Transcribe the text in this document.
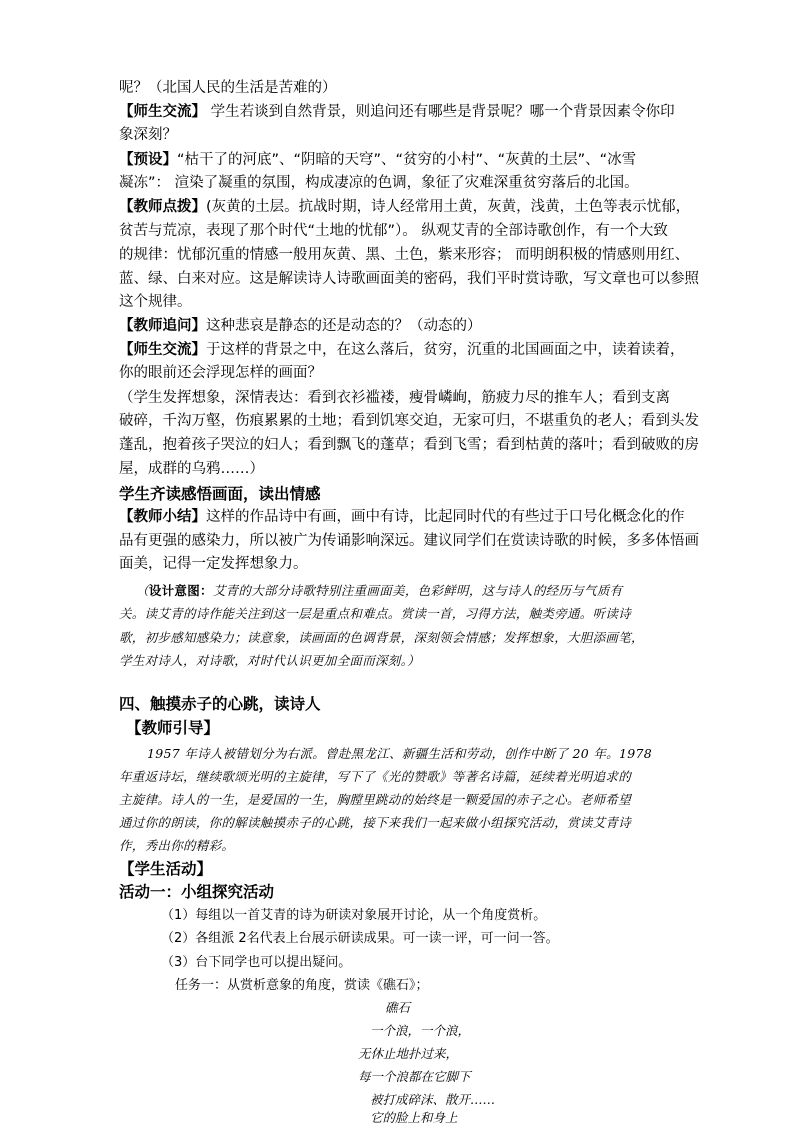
呢？（北国人民的生活是苦难的）
【师生交流】 学生若谈到自然背景，则追问还有哪些是背景呢？哪一个背景因素令你印
象深刻？
【预设】“枯干了的河底”、“阴暗的天穹”、“贫穷的小村”、“灰黄的土层”、“冰雪
凝冻”： 渲染了凝重的氛围，构成凄凉的色调，象征了灾难深重贫穷落后的北国。
【教师点拨】(灰黄的土层。抗战时期，诗人经常用土黄，灰黄，浅黄，土色等表示忧郁，
贫苦与荒凉，表现了那个时代“土地的忧郁”）。 纵观艾青的全部诗歌创作，有一个大致
的规律：忧郁沉重的情感一般用灰黄、黑、土色，紫来形容； 而明朗积极的情感则用红、
蓝、绿、白来对应。这是解读诗人诗歌画面美的密码，我们平时赏诗歌，写文章也可以参照
这个规律。
【教师追问】这种悲哀是静态的还是动态的？（动态的）
【师生交流】于这样的背景之中，在这么落后，贫穷，沉重的北国画面之中，读着读着，
你的眼前还会浮现怎样的画面？
（学生发挥想象，深情表达：看到衣衫褴褛，瘦骨嶙峋，筋疲力尽的推车人；看到支离
破碎，千沟万壑，伤痕累累的土地；看到饥寒交迫，无家可归，不堪重负的老人；看到头发
蓬乱，抱着孩子哭泣的妇人；看到飘飞的蓬草；看到飞雪；看到枯黄的落叶；看到破败的房
屋，成群的乌鸦……）
学生齐读感悟画面，读出情感
【教师小结】这样的作品诗中有画，画中有诗，比起同时代的有些过于口号化概念化的作
品有更强的感染力，所以被广为传诵影响深远。建议同学们在赏读诗歌的时候，多多体悟画
面美，记得一定发挥想象力。
（设计意图：艾青的大部分诗歌特别注重画面美，色彩鲜明，这与诗人的经历与气质有
关。读艾青的诗作能关注到这一层是重点和难点。赏读一首，习得方法，触类旁通。听读诗
歌，初步感知感染力；读意象，读画面的色调背景，深刻领会情感；发挥想象，大胆添画笔，
学生对诗人，对诗歌，对时代认识更加全面而深刻。）
四、触摸赤子的心跳，读诗人
【教师引导】
1957 年诗人被错划分为右派。曾赴黑龙江、新疆生活和劳动，创作中断了 20 年。1978
年重返诗坛，继续歌颂光明的主旋律，写下了《光的赞歌》等著名诗篇，延续着光明追求的
主旋律。诗人的一生，是爱国的一生，胸膛里跳动的始终是一颗爱国的赤子之心。老师希望
通过你的朗读，你的解读触摸赤子的心跳，接下来我们一起来做小组探究活动，赏读艾青诗
作，秀出你的精彩。
【学生活动】
活动一：小组探究活动
（1）每组以一首艾青的诗为研读对象展开讨论，从一个角度赏析。
（2）各组派 2名代表上台展示研读成果。可一读一评，可一问一答。
（3）台下同学也可以提出疑问。
任务一：从赏析意象的角度，赏读《礁石》；
礁石
一个浪，一个浪，
无休止地扑过来，
每一个浪都在它脚下
被打成碎沫、散开……
它的脸上和身上
